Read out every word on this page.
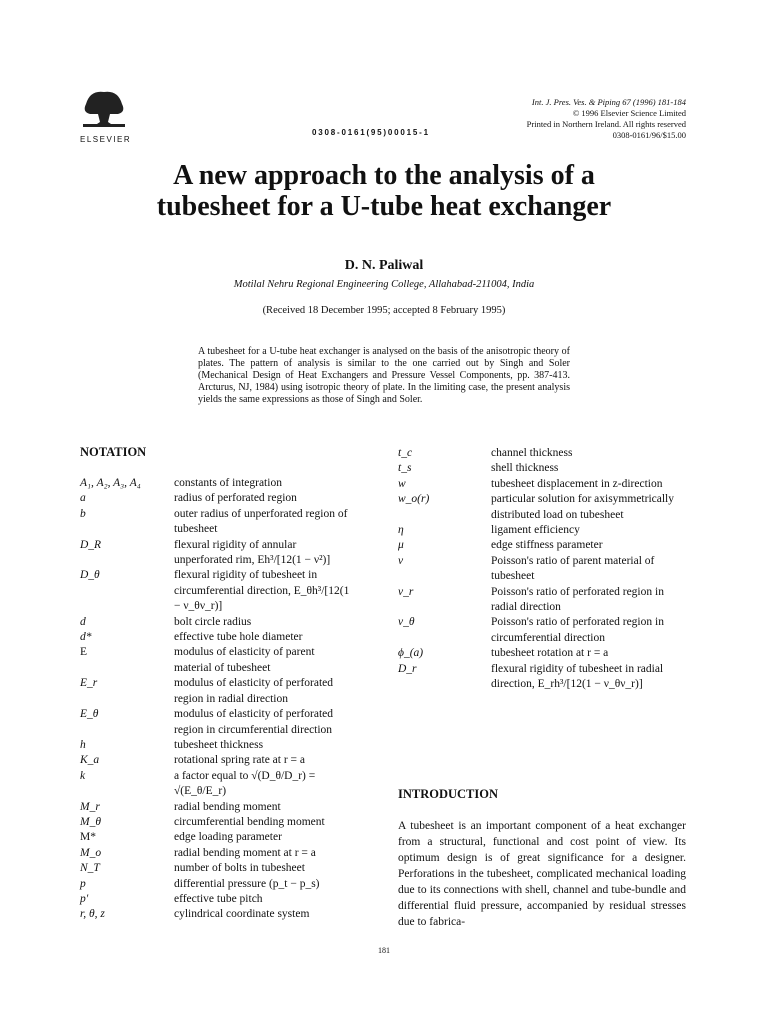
ELSEVIER
0308-0161(95)00015-1
Int. J. Pres. Ves. & Piping 67 (1996) 181-184
© 1996 Elsevier Science Limited
Printed in Northern Ireland. All rights reserved
0308-0161/96/$15.00
A new approach to the analysis of a
tubesheet for a U-tube heat exchanger
D. N. Paliwal
Motilal Nehru Regional Engineering College, Allahabad-211004, India
(Received 18 December 1995; accepted 8 February 1995)
A tubesheet for a U-tube heat exchanger is analysed on the basis of the anisotropic theory of plates. The pattern of analysis is similar to the one carried out by Singh and Soler (Mechanical Design of Heat Exchangers and Pressure Vessel Components, pp. 387-413. Arcturus, NJ, 1984) using isotropic theory of plate. In the limiting case, the present analysis yields the same expressions as those of Singh and Soler.
NOTATION
A₁, A₂, A₃, A₄	constants of integration
a	radius of perforated region
b	outer radius of unperforated region of tubesheet
D_R	flexural rigidity of annular unperforated rim, Eh³/[12(1 − ν²)]
D_θ	flexural rigidity of tubesheet in circumferential direction, E_θh³/[12(1 − ν_θν_r)]
d	bolt circle radius
d*	effective tube hole diameter
E	modulus of elasticity of parent material of tubesheet
E_r	modulus of elasticity of perforated region in radial direction
E_θ	modulus of elasticity of perforated region in circumferential direction
h	tubesheet thickness
K_a	rotational spring rate at r = a
k	a factor equal to √(D_θ/D_r) = √(E_θ/E_r)
M_r	radial bending moment
M_θ	circumferential bending moment
M*	edge loading parameter
M_o	radial bending moment at r = a
N_T	number of bolts in tubesheet
p	differential pressure (p_t − p_s)
p′	effective tube pitch
r, θ, z	cylindrical coordinate system
t_c	channel thickness
t_s	shell thickness
w	tubesheet displacement in z-direction
w_o(r)	particular solution for axisymmetrically distributed load on tubesheet
η	ligament efficiency
μ	edge stiffness parameter
ν	Poisson's ratio of parent material of tubesheet
ν_r	Poisson's ratio of perforated region in radial direction
ν_θ	Poisson's ratio of perforated region in circumferential direction
ϕ_(a)	tubesheet rotation at r = a
D_r	flexural rigidity of tubesheet in radial direction, E_rh³/[12(1 − ν_θν_r)]
INTRODUCTION
A tubesheet is an important component of a heat exchanger from a structural, functional and cost point of view. Its optimum design is of great significance for a designer. Perforations in the tubesheet, complicated mechanical loading due to its connections with shell, channel and tube-bundle and differential fluid pressure, accompanied by residual stresses due to fabrica-
181
